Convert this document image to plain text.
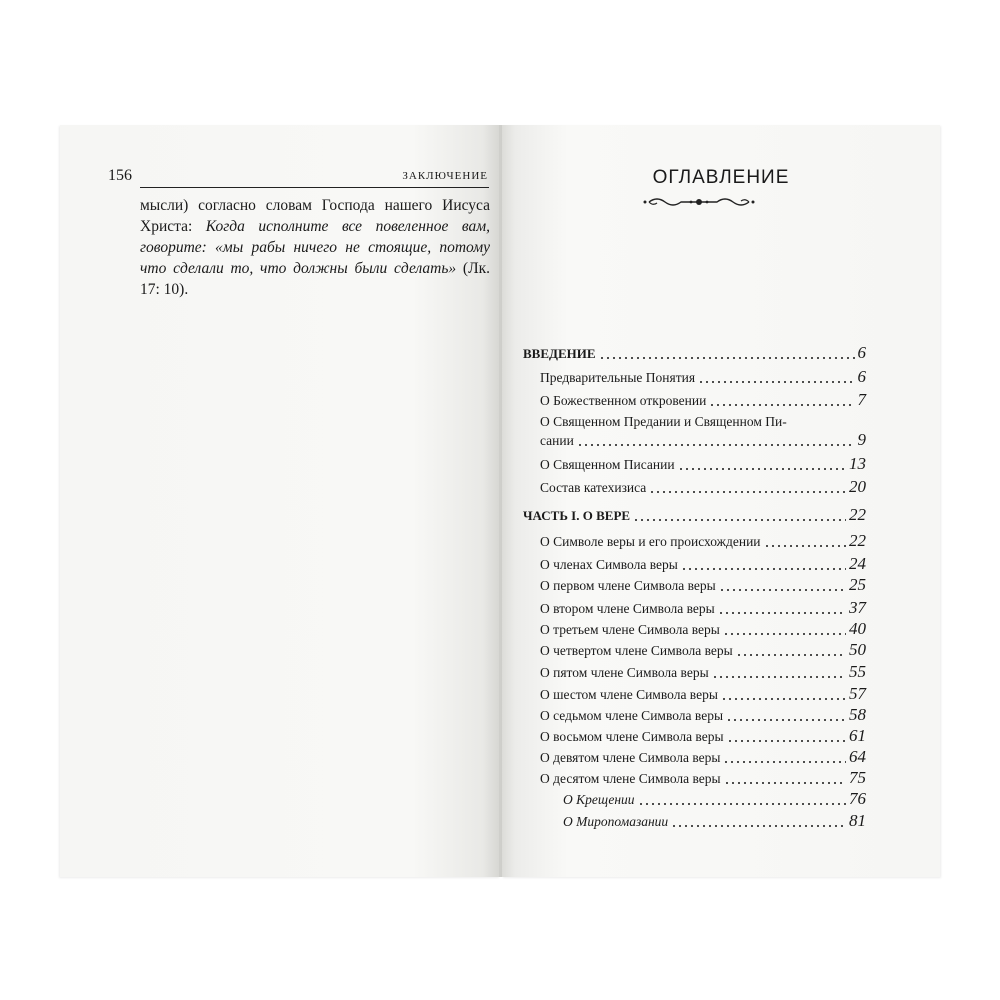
156	ЗАКЛЮЧЕНИЕ
мысли) согласно словам Господа нашего Иисуса Христа: Когда исполните все повеленное вам, говорите: «мы рабы ничего не стоящие, потому что сделали то, что должны были сделать» (Лк. 17: 10).
ОГЛАВЛЕНИЕ
ВВЕДЕНИЕ	6
Предварительные Понятия	6
О Божественном откровении	7
О Священном Предании и Священном Пи-
сании	9
О Священном Писании	13
Состав катехизиса	20
ЧАСТЬ I. О ВЕРЕ	22
О Символе веры и его происхождении	22
О членах Символа веры	24
О первом члене Символа веры	25
О втором члене Символа веры	37
О третьем члене Символа веры	40
О четвертом члене Символа веры	50
О пятом члене Символа веры	55
О шестом члене Символа веры	57
О седьмом члене Символа веры	58
О восьмом члене Символа веры	61
О девятом члене Символа веры	64
О десятом члене Символа веры	75
О Крещении	76
О Миропомазании	81
